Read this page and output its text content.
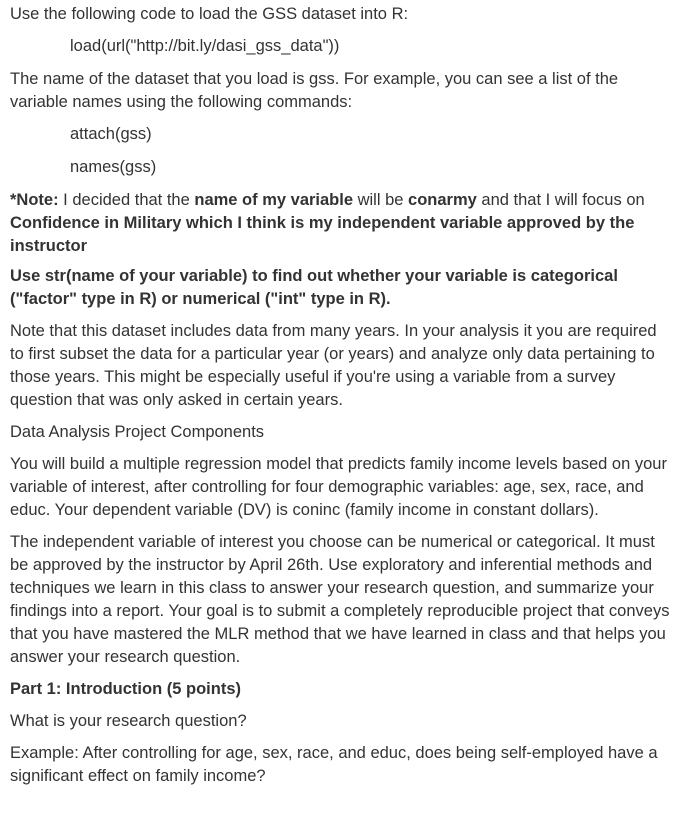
Use the following code to load the GSS dataset into R:

load(url("http://bit.ly/dasi_gss_data"))

The name of the dataset that you load is gss. For example, you can see a list of the variable names using the following commands:

attach(gss)

names(gss)

*Note: I decided that the name of my variable will be conarmy and that I will focus on Confidence in Military which I think is my independent variable approved by the instructor

Use str(name of your variable) to find out whether your variable is categorical ("factor" type in R) or numerical ("int" type in R).

Note that this dataset includes data from many years. In your analysis it you are required to first subset the data for a particular year (or years) and analyze only data pertaining to those years. This might be especially useful if you're using a variable from a survey question that was only asked in certain years.

Data Analysis Project Components

You will build a multiple regression model that predicts family income levels based on your variable of interest, after controlling for four demographic variables: age, sex, race, and educ. Your dependent variable (DV) is coninc (family income in constant dollars).

The independent variable of interest you choose can be numerical or categorical. It must be approved by the instructor by April 26th. Use exploratory and inferential methods and techniques we learn in this class to answer your research question, and summarize your findings into a report. Your goal is to submit a completely reproducible project that conveys that you have mastered the MLR method that we have learned in class and that helps you answer your research question.

Part 1: Introduction (5 points)

What is your research question?

Example: After controlling for age, sex, race, and educ, does being self-employed have a significant effect on family income?
